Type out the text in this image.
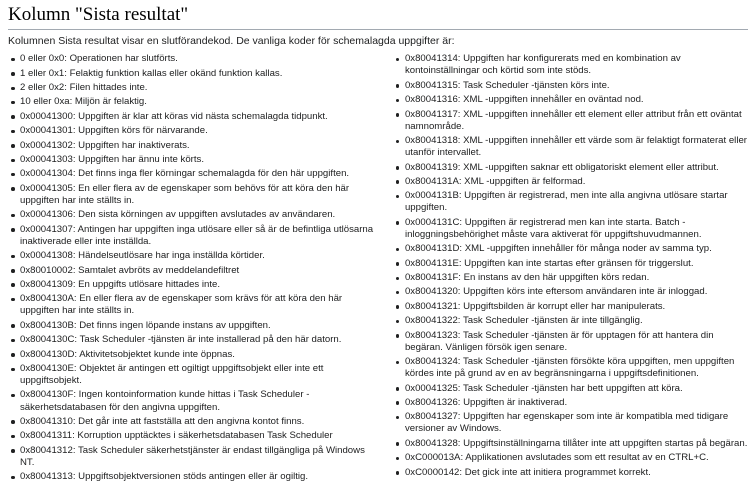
Kolumn "Sista resultat"

Kolumnen Sista resultat visar en slutförandekod. De vanliga koder för schemalagda uppgifter är:

0 eller 0x0: Operationen har slutförts.
1 eller 0x1: Felaktig funktion kallas eller okänd funktion kallas.
2 eller 0x2: Filen hittades inte.
10 eller 0xa: Miljön är felaktig.
0x00041300: Uppgiften är klar att köras vid nästa schemalagda tidpunkt.
0x00041301: Uppgiften körs för närvarande.
0x00041302: Uppgiften har inaktiverats.
0x00041303: Uppgiften har ännu inte körts.
0x00041304: Det finns inga fler körningar schemalagda för den här uppgiften.
0x00041305: En eller flera av de egenskaper som behövs för att köra den här uppgiften har inte ställts in.
0x00041306: Den sista körningen av uppgiften avslutades av användaren.
0x00041307: Antingen har uppgiften inga utlösare eller så är de befintliga utlösarna inaktiverade eller inte inställda.
0x00041308: Händelseutlösare har inga inställda körtider.
0x80010002: Samtalet avbröts av meddelandefiltret
0x80041309: En uppgifts utlösare hittades inte.
0x8004130A: En eller flera av de egenskaper som krävs för att köra den här uppgiften har inte ställts in.
0x8004130B: Det finns ingen löpande instans av uppgiften.
0x8004130C: Task Scheduler -tjänsten är inte installerad på den här datorn.
0x8004130D: Aktivitetsobjektet kunde inte öppnas.
0x8004130E: Objektet är antingen ett ogiltigt uppgiftsobjekt eller inte ett uppgiftsobjekt.
0x8004130F: Ingen kontoinformation kunde hittas i Task Scheduler -säkerhetsdatabasen för den angivna uppgiften.
0x80041310: Det går inte att fastställa att den angivna kontot finns.
0x80041311: Korruption upptäcktes i säkerhetsdatabasen Task Scheduler
0x80041312: Task Scheduler säkerhetstjänster är endast tillgängliga på Windows NT.
0x80041313: Uppgiftsobjektversionen stöds antingen eller är ogiltig.
0x80041314: Uppgiften har konfigurerats med en kombination av kontoinställningar och körtid som inte stöds.
0x80041315: Task Scheduler -tjänsten körs inte.
0x80041316: XML -uppgiften innehåller en oväntad nod.
0x80041317: XML -uppgiften innehåller ett element eller attribut från ett oväntat namnområde.
0x80041318: XML -uppgiften innehåller ett värde som är felaktigt formaterat eller utanför intervallet.
0x80041319: XML -uppgiften saknar ett obligatoriskt element eller attribut.
0x8004131A: XML -uppgiften är felformad.
0x0004131B: Uppgiften är registrerad, men inte alla angivna utlösare startar uppgiften.
0x0004131C: Uppgiften är registrerad men kan inte starta. Batch -inloggningsbehörighet måste vara aktiverat för uppgiftshuvudmannen.
0x8004131D: XML -uppgiften innehåller för många noder av samma typ.
0x8004131E: Uppgiften kan inte startas efter gränsen för triggerslut.
0x8004131F: En instans av den här uppgiften körs redan.
0x80041320: Uppgiften körs inte eftersom användaren inte är inloggad.
0x80041321: Uppgiftsbilden är korrupt eller har manipulerats.
0x80041322: Task Scheduler -tjänsten är inte tillgänglig.
0x80041323: Task Scheduler -tjänsten är för upptagen för att hantera din begäran. Vänligen försök igen senare.
0x80041324: Task Scheduler -tjänsten försökte köra uppgiften, men uppgiften kördes inte på grund av en av begränsningarna i uppgiftsdefinitionen.
0x00041325: Task Scheduler -tjänsten har bett uppgiften att köra.
0x80041326: Uppgiften är inaktiverad.
0x80041327: Uppgiften har egenskaper som inte är kompatibla med tidigare versioner av Windows.
0x80041328: Uppgiftsinställningarna tillåter inte att uppgiften startas på begäran.
0xC000013A: Applikationen avslutades som ett resultat av en CTRL+C.
0xC0000142: Det gick inte att initiera programmet korrekt.
